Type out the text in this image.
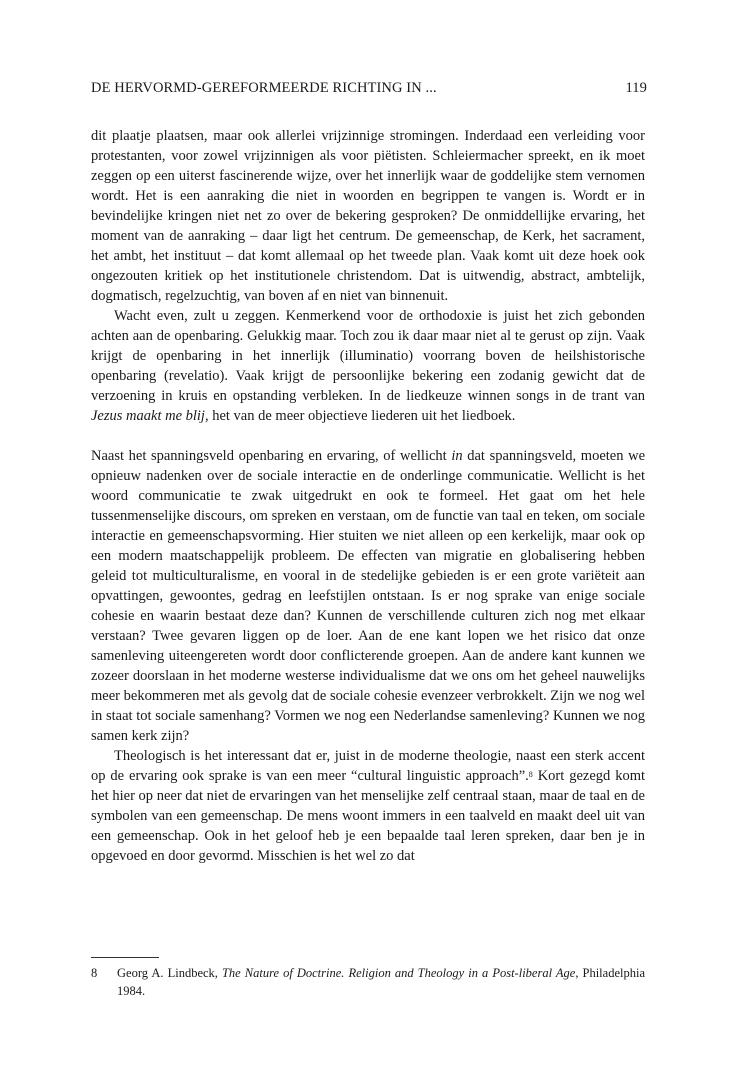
DE HERVORMD-GEREFORMEERDE RICHTING IN ...	119

dit plaatje plaatsen, maar ook allerlei vrijzinnige stromingen. Inderdaad een verleiding voor protestanten, voor zowel vrijzinnigen als voor piëtisten. Schleiermacher spreekt, en ik moet zeggen op een uiterst fascinerende wijze, over het innerlijk waar de goddelijke stem vernomen wordt. Het is een aanraking die niet in woorden en begrippen te vangen is. Wordt er in bevindelijke kringen niet net zo over de bekering gesproken? De onmiddellijke ervaring, het moment van de aanraking – daar ligt het centrum. De gemeenschap, de Kerk, het sacrament, het ambt, het instituut – dat komt allemaal op het tweede plan. Vaak komt uit deze hoek ook ongezouten kritiek op het institutionele christendom. Dat is uitwendig, abstract, ambtelijk, dogmatisch, regelzuchtig, van boven af en niet van binnenuit.

Wacht even, zult u zeggen. Kenmerkend voor de orthodoxie is juist het zich gebonden achten aan de openbaring. Gelukkig maar. Toch zou ik daar maar niet al te gerust op zijn. Vaak krijgt de openbaring in het innerlijk (illuminatio) voorrang boven de heilshistorische openbaring (revelatio). Vaak krijgt de persoonlijke bekering een zodanig gewicht dat de verzoening in kruis en opstanding verbleken. In de liedkeuze winnen songs in de trant van Jezus maakt me blij, het van de meer objectieve liederen uit het liedboek.

Naast het spanningsveld openbaring en ervaring, of wellicht in dat spanningsveld, moeten we opnieuw nadenken over de sociale interactie en de onderlinge communicatie. Wellicht is het woord communicatie te zwak uitgedrukt en ook te formeel. Het gaat om het hele tussenmenselijke discours, om spreken en verstaan, om de functie van taal en teken, om sociale interactie en gemeenschapsvorming. Hier stuiten we niet alleen op een kerkelijk, maar ook op een modern maatschappelijk probleem. De effecten van migratie en globalisering hebben geleid tot multiculturalisme, en vooral in de stedelijke gebieden is er een grote variëteit aan opvattingen, gewoontes, gedrag en leefstijlen ontstaan. Is er nog sprake van enige sociale cohesie en waarin bestaat deze dan? Kunnen de verschillende culturen zich nog met elkaar verstaan? Twee gevaren liggen op de loer. Aan de ene kant lopen we het risico dat onze samenleving uiteengereten wordt door conflicterende groepen. Aan de andere kant kunnen we zozeer doorslaan in het moderne westerse individualisme dat we ons om het geheel nauwelijks meer bekommeren met als gevolg dat de sociale cohesie evenzeer verbrokkelt. Zijn we nog wel in staat tot sociale samenhang? Vormen we nog een Nederlandse samenleving? Kunnen we nog samen kerk zijn?

Theologisch is het interessant dat er, juist in de moderne theologie, naast een sterk accent op de ervaring ook sprake is van een meer “cultural linguistic approach”.$^8$ Kort gezegd komt het hier op neer dat niet de ervaringen van het menselijke zelf centraal staan, maar de taal en de symbolen van een gemeenschap. De mens woont immers in een taalveld en maakt deel uit van een gemeenschap. Ook in het geloof heb je een bepaalde taal leren spreken, daar ben je in opgevoed en door gevormd. Misschien is het wel zo dat

8	Georg A. Lindbeck, The Nature of Doctrine. Religion and Theology in a Post-liberal Age, Philadelphia 1984.
